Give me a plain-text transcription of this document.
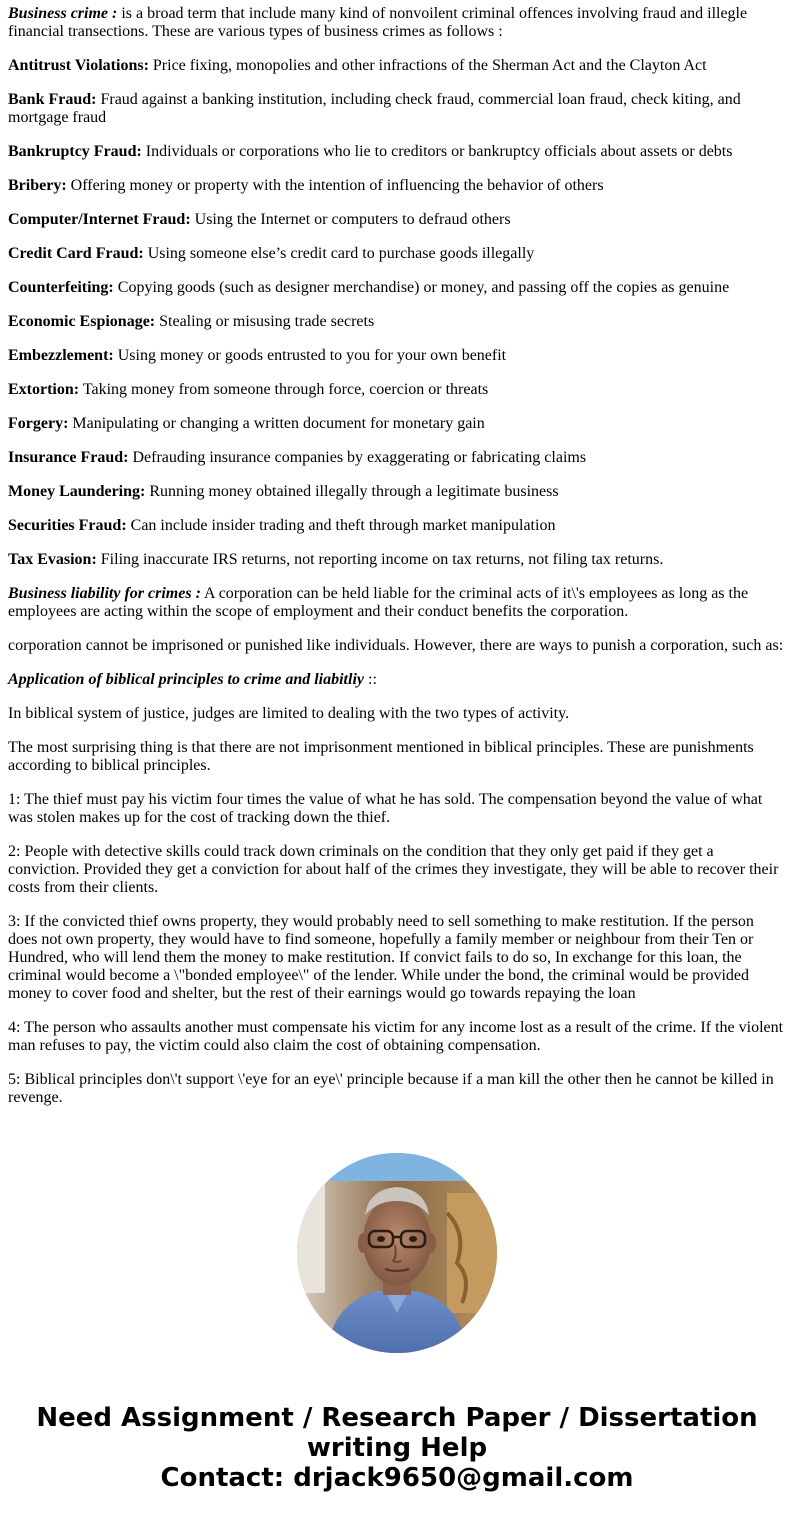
Business crime : is a broad term that include many kind of nonvoilent criminal offences involving fraud and illegle financial transections. These are various types of business crimes as follows :

Antitrust Violations: Price fixing, monopolies and other infractions of the Sherman Act and the Clayton Act

Bank Fraud: Fraud against a banking institution, including check fraud, commercial loan fraud, check kiting, and mortgage fraud

Bankruptcy Fraud: Individuals or corporations who lie to creditors or bankruptcy officials about assets or debts

Bribery: Offering money or property with the intention of influencing the behavior of others

Computer/Internet Fraud: Using the Internet or computers to defraud others

Credit Card Fraud: Using someone else’s credit card to purchase goods illegally

Counterfeiting: Copying goods (such as designer merchandise) or money, and passing off the copies as genuine

Economic Espionage: Stealing or misusing trade secrets

Embezzlement: Using money or goods entrusted to you for your own benefit

Extortion: Taking money from someone through force, coercion or threats

Forgery: Manipulating or changing a written document for monetary gain

Insurance Fraud: Defrauding insurance companies by exaggerating or fabricating claims

Money Laundering: Running money obtained illegally through a legitimate business

Securities Fraud: Can include insider trading and theft through market manipulation

Tax Evasion: Filing inaccurate IRS returns, not reporting income on tax returns, not filing tax returns.

Business liability for crimes : A corporation can be held liable for the criminal acts of it\'s employees as long as the employees are acting within the scope of employment and their conduct benefits the corporation.

corporation cannot be imprisoned or punished like individuals. However, there are ways to punish a corporation, such as:

Application of biblical principles to crime and liabitliy ::

In biblical system of justice, judges are limited to dealing with the two types of activity.

The most surprising thing is that there are not imprisonment mentioned in biblical principles. These are punishments according to biblical principles.

1: The thief must pay his victim four times the value of what he has sold. The compensation beyond the value of what was stolen makes up for the cost of tracking down the thief.

2: People with detective skills could track down criminals on the condition that they only get paid if they get a conviction. Provided they get a conviction for about half of the crimes they investigate, they will be able to recover their costs from their clients.

3: If the convicted thief owns property, they would probably need to sell something to make restitution. If the person does not own property, they would have to find someone, hopefully a family member or neighbour from their Ten or Hundred, who will lend them the money to make restitution. If convict fails to do so, In exchange for this loan, the criminal would become a \"bonded employee\" of the lender. While under the bond, the criminal would be provided money to cover food and shelter, but the rest of their earnings would go towards repaying the loan

4: The person who assaults another must compensate his victim for any income lost as a result of the crime. If the violent man refuses to pay, the victim could also claim the cost of obtaining compensation.

5: Biblical principles don\'t support \'eye for an eye\' principle because if a man kill the other then he cannot be killed in revenge.

Need Assignment / Research Paper / Dissertation
writing Help
Contact: drjack9650@gmail.com
